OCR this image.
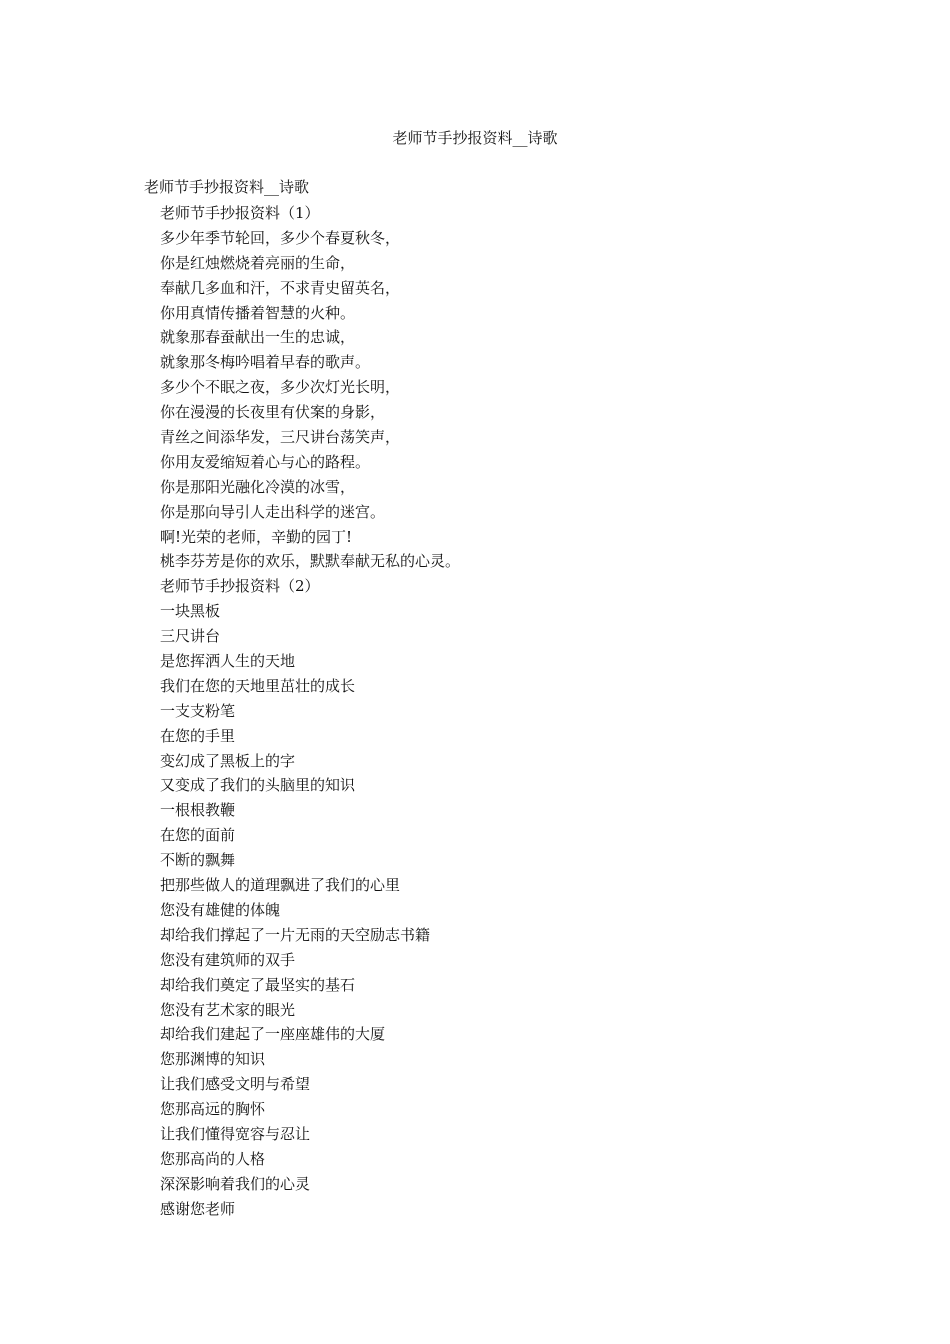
老师节手抄报资料__诗歌
老师节手抄报资料__诗歌
老师节手抄报资料（1）
多少年季节轮回，多少个春夏秋冬，
你是红烛燃烧着亮丽的生命，
奉献几多血和汗，不求青史留英名，
你用真情传播着智慧的火种。
就象那春蚕献出一生的忠诚，
就象那冬梅吟唱着早春的歌声。
多少个不眠之夜，多少次灯光长明，
你在漫漫的长夜里有伏案的身影，
青丝之间添华发，三尺讲台荡笑声，
你用友爱缩短着心与心的路程。
你是那阳光融化冷漠的冰雪，
你是那向导引人走出科学的迷宫。
啊!光荣的老师，辛勤的园丁!
桃李芬芳是你的欢乐，默默奉献无私的心灵。
老师节手抄报资料（2）
一块黑板
三尺讲台
是您挥洒人生的天地
我们在您的天地里茁壮的成长
一支支粉笔
在您的手里
变幻成了黑板上的字
又变成了我们的头脑里的知识
一根根教鞭
在您的面前
不断的飘舞
把那些做人的道理飘进了我们的心里
您没有雄健的体魄
却给我们撑起了一片无雨的天空励志书籍
您没有建筑师的双手
却给我们奠定了最坚实的基石
您没有艺术家的眼光
却给我们建起了一座座雄伟的大厦
您那渊博的知识
让我们感受文明与希望
您那高远的胸怀
让我们懂得宽容与忍让
您那高尚的人格
深深影响着我们的心灵
感谢您老师
